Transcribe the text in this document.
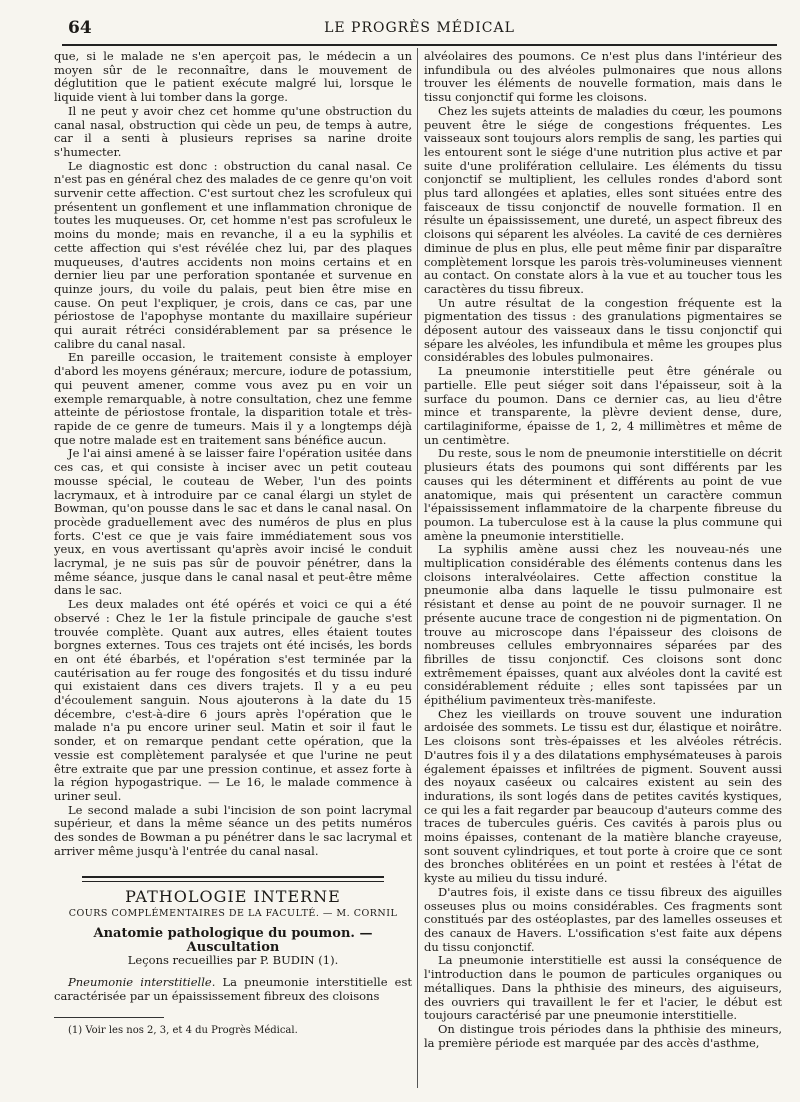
64	LE PROGRÈS MÉDICAL

que, si le malade ne s'en aperçoit pas, le médecin a un moyen sûr de le reconnaître, dans le mouvement de déglutition que le patient exécute malgré lui, lorsque le liquide vient à lui tomber dans la gorge.

Il ne peut y avoir chez cet homme qu'une obstruction du canal nasal, obstruction qui cède un peu, de temps à autre, car il a senti à plusieurs reprises sa narine droite s'humecter.

Le diagnostic est donc : obstruction du canal nasal. Ce n'est pas en général chez des malades de ce genre qu'on voit survenir cette affection. C'est surtout chez les scrofuleux qui présentent un gonflement et une inflammation chronique de toutes les muqueuses. Or, cet homme n'est pas scrofuleux le moins du monde; mais en revanche, il a eu la syphilis et cette affection qui s'est révélée chez lui, par des plaques muqueuses, d'autres accidents non moins certains et en dernier lieu par une perforation spontanée et survenue en quinze jours, du voile du palais, peut bien être mise en cause. On peut l'expliquer, je crois, dans ce cas, par une périostose de l'apophyse montante du maxillaire supérieur qui aurait rétréci considérablement par sa présence le calibre du canal nasal.

En pareille occasion, le traitement consiste à employer d'abord les moyens généraux; mercure, iodure de potassium, qui peuvent amener, comme vous avez pu en voir un exemple remarquable, à notre consultation, chez une femme atteinte de périostose frontale, la disparition totale et très-rapide de ce genre de tumeurs. Mais il y a longtemps déjà que notre malade est en traitement sans bénéfice aucun.

Je l'ai ainsi amené à se laisser faire l'opération usitée dans ces cas, et qui consiste à inciser avec un petit couteau mousse spécial, le couteau de Weber, l'un des points lacrymaux, et à introduire par ce canal élargi un stylet de Bowman, qu'on pousse dans le sac et dans le canal nasal. On procède graduellement avec des numéros de plus en plus forts. C'est ce que je vais faire immédiatement sous vos yeux, en vous avertissant qu'après avoir incisé le conduit lacrymal, je ne suis pas sûr de pouvoir pénétrer, dans la même séance, jusque dans le canal nasal et peut-être même dans le sac.

Les deux malades ont été opérés et voici ce qui a été observé : Chez le 1er la fistule principale de gauche s'est trouvée complète. Quant aux autres, elles étaient toutes borgnes externes. Tous ces trajets ont été incisés, les bords en ont été ébarbés, et l'opération s'est terminée par la cautérisation au fer rouge des fongosités et du tissu induré qui existaient dans ces divers trajets. Il y a eu peu d'écoulement sanguin. Nous ajouterons à la date du 15 décembre, c'est-à-dire 6 jours après l'opération que le malade n'a pu encore uriner seul. Matin et soir il faut le sonder, et on remarque pendant cette opération, que la vessie est complètement paralysée et que l'urine ne peut être extraite que par une pression continue, et assez forte à la région hypogastrique. — Le 16, le malade commence à uriner seul.

Le second malade a subi l'incision de son point lacrymal supérieur, et dans la même séance un des petits numéros des sondes de Bowman a pu pénétrer dans le sac lacrymal et arriver même jusqu'à l'entrée du canal nasal.

PATHOLOGIE INTERNE
COURS COMPLÉMENTAIRES DE LA FACULTÉ. — M. CORNIL
Anatomie pathologique du poumon. — Auscultation
Leçons recueillies par P. BUDIN (1).

Pneumonie interstitielle. La pneumonie interstitielle est caractérisée par un épaississement fibreux des cloisons

(1) Voir les nos 2, 3, et 4 du Progrès Médical.

alvéolaires des poumons. Ce n'est plus dans l'intérieur des infundibula ou des alvéoles pulmonaires que nous allons trouver les éléments de nouvelle formation, mais dans le tissu conjonctif qui forme les cloisons.

Chez les sujets atteints de maladies du cœur, les poumons peuvent être le siége de congestions fréquentes. Les vaisseaux sont toujours alors remplis de sang, les parties qui les entourent sont le siége d'une nutrition plus active et par suite d'une prolifération cellulaire. Les éléments du tissu conjonctif se multiplient, les cellules rondes d'abord sont plus tard allongées et aplaties, elles sont situées entre des faisceaux de tissu conjonctif de nouvelle formation. Il en résulte un épaississement, une dureté, un aspect fibreux des cloisons qui séparent les alvéoles. La cavité de ces dernières diminue de plus en plus, elle peut même finir par disparaître complètement lorsque les parois très-volumineuses viennent au contact. On constate alors à la vue et au toucher tous les caractères du tissu fibreux.

Un autre résultat de la congestion fréquente est la pigmentation des tissus : des granulations pigmentaires se déposent autour des vaisseaux dans le tissu conjonctif qui sépare les alvéoles, les infundibula et même les groupes plus considérables des lobules pulmonaires.

La pneumonie interstitielle peut être générale ou partielle. Elle peut siéger soit dans l'épaisseur, soit à la surface du poumon. Dans ce dernier cas, au lieu d'être mince et transparente, la plèvre devient dense, dure, cartilaginiforme, épaisse de 1, 2, 4 millimètres et même de un centimètre.

Du reste, sous le nom de pneumonie interstitielle on décrit plusieurs états des poumons qui sont différents par les causes qui les déterminent et différents au point de vue anatomique, mais qui présentent un caractère commun l'épaississement inflammatoire de la charpente fibreuse du poumon. La tuberculose est à la cause la plus commune qui amène la pneumonie interstitielle.

La syphilis amène aussi chez les nouveau-nés une multiplication considérable des éléments contenus dans les cloisons interalvéolaires. Cette affection constitue la pneumonie alba dans laquelle le tissu pulmonaire est résistant et dense au point de ne pouvoir surnager. Il ne présente aucune trace de congestion ni de pigmentation. On trouve au microscope dans l'épaisseur des cloisons de nombreuses cellules embryonnaires séparées par des fibrilles de tissu conjonctif. Ces cloisons sont donc extrêmement épaisses, quant aux alvéoles dont la cavité est considérablement réduite ; elles sont tapissées par un épithélium pavimenteux très-manifeste.

Chez les vieillards on trouve souvent une induration ardoisée des sommets. Le tissu est dur, élastique et noirâtre. Les cloisons sont très-épaisses et les alvéoles rétrécis. D'autres fois il y a des dilatations emphysémateuses à parois également épaisses et infiltrées de pigment. Souvent aussi des noyaux caséeux ou calcaires existent au sein des indurations, ils sont logés dans de petites cavités kystiques, ce qui les a fait regarder par beaucoup d'auteurs comme des traces de tubercules guéris. Ces cavités à parois plus ou moins épaisses, contenant de la matière blanche crayeuse, sont souvent cylindriques, et tout porte à croire que ce sont des bronches oblitérées en un point et restées à l'état de kyste au milieu du tissu induré.

D'autres fois, il existe dans ce tissu fibreux des aiguilles osseuses plus ou moins considérables. Ces fragments sont constitués par des ostéoplastes, par des lamelles osseuses et des canaux de Havers. L'ossification s'est faite aux dépens du tissu conjonctif.

La pneumonie interstitielle est aussi la conséquence de l'introduction dans le poumon de particules organiques ou métalliques. Dans la phthisie des mineurs, des aiguiseurs, des ouvriers qui travaillent le fer et l'acier, le début est toujours caractérisé par une pneumonie interstitielle.

On distingue trois périodes dans la phthisie des mineurs, la première période est marquée par des accès d'asthme,
